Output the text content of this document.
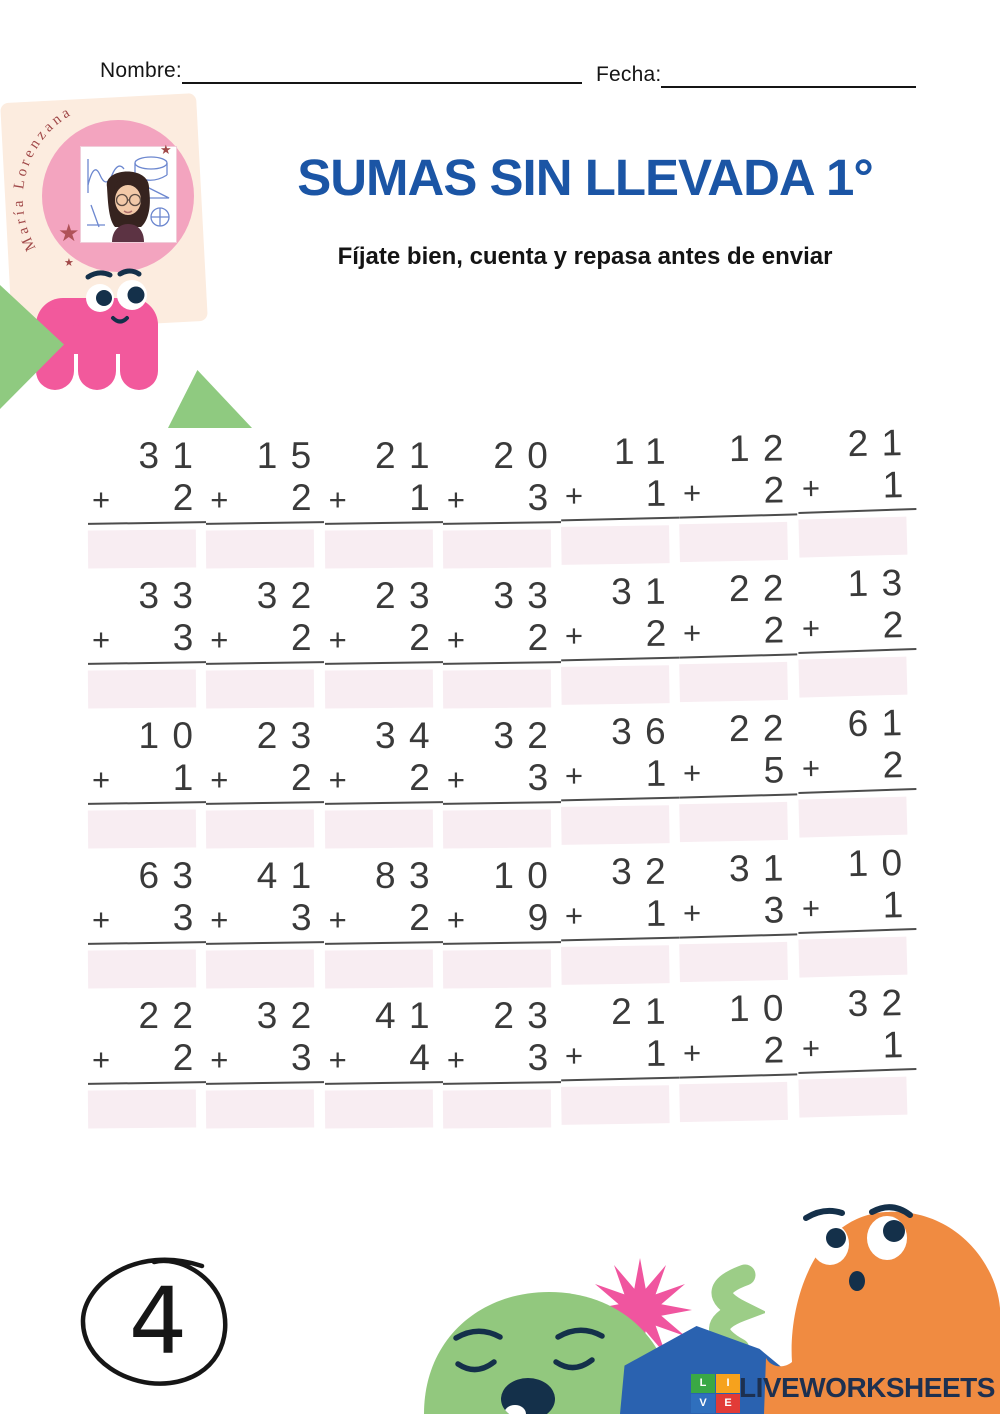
Nombre:	Fecha:
María Lorenzana
★
★
★
SUMAS SIN LLEVADA 1°
Fíjate bien, cuenta y repasa antes de enviar
31
+ 2
15
+ 2
21
+ 1
20
+ 3
11
+ 1
12
+ 2
21
+ 1
33
+ 3
32
+ 2
23
+ 2
33
+ 2
31
+ 2
22
+ 2
13
+ 2
10
+ 1
23
+ 2
34
+ 2
32
+ 3
36
+ 1
22
+ 5
61
+ 2
63
+ 3
41
+ 3
83
+ 2
10
+ 9
32
+ 1
31
+ 3
10
+ 1
22
+ 2
32
+ 3
41
+ 4
23
+ 3
21
+ 1
10
+ 2
32
+ 1
4
L	I
V	E LIVEWORKSHEETS
